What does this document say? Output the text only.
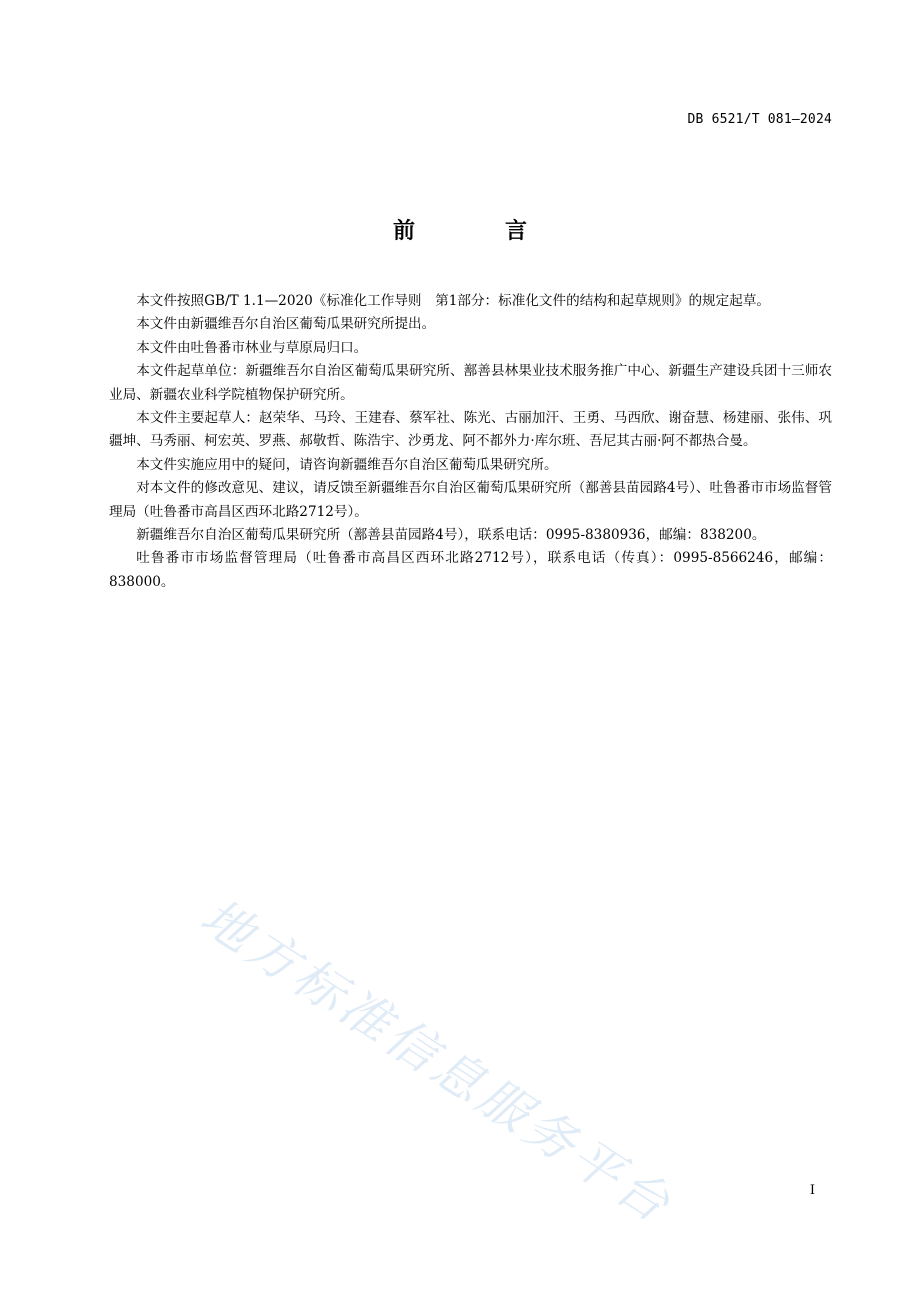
DB 6521/T 081—2024
前　言

本文件按照GB/T 1.1—2020《标准化工作导则　第1部分：标准化文件的结构和起草规则》的规定起草。

本文件由新疆维吾尔自治区葡萄瓜果研究所提出。

本文件由吐鲁番市林业与草原局归口。

本文件起草单位：新疆维吾尔自治区葡萄瓜果研究所、鄯善县林果业技术服务推广中心、新疆生产建设兵团十三师农业局、新疆农业科学院植物保护研究所。

本文件主要起草人：赵荣华、马玲、王建春、蔡军社、陈光、古丽加汗、王勇、马西欣、谢奋慧、杨建丽、张伟、巩疆坤、马秀丽、柯宏英、罗燕、郝敬哲、陈浩宇、沙勇龙、阿不都外力·库尔班、吾尼其古丽·阿不都热合曼。

本文件实施应用中的疑问，请咨询新疆维吾尔自治区葡萄瓜果研究所。

对本文件的修改意见、建议，请反馈至新疆维吾尔自治区葡萄瓜果研究所（鄯善县苗园路4号）、吐鲁番市市场监督管理局（吐鲁番市高昌区西环北路2712号）。

新疆维吾尔自治区葡萄瓜果研究所（鄯善县苗园路4号），联系电话：0995-8380936，邮编：838200。

吐鲁番市市场监督管理局（吐鲁番市高昌区西环北路2712号），联系电话（传真）：0995-8566246，邮编：838000。

地方标准信息服务平台	I
